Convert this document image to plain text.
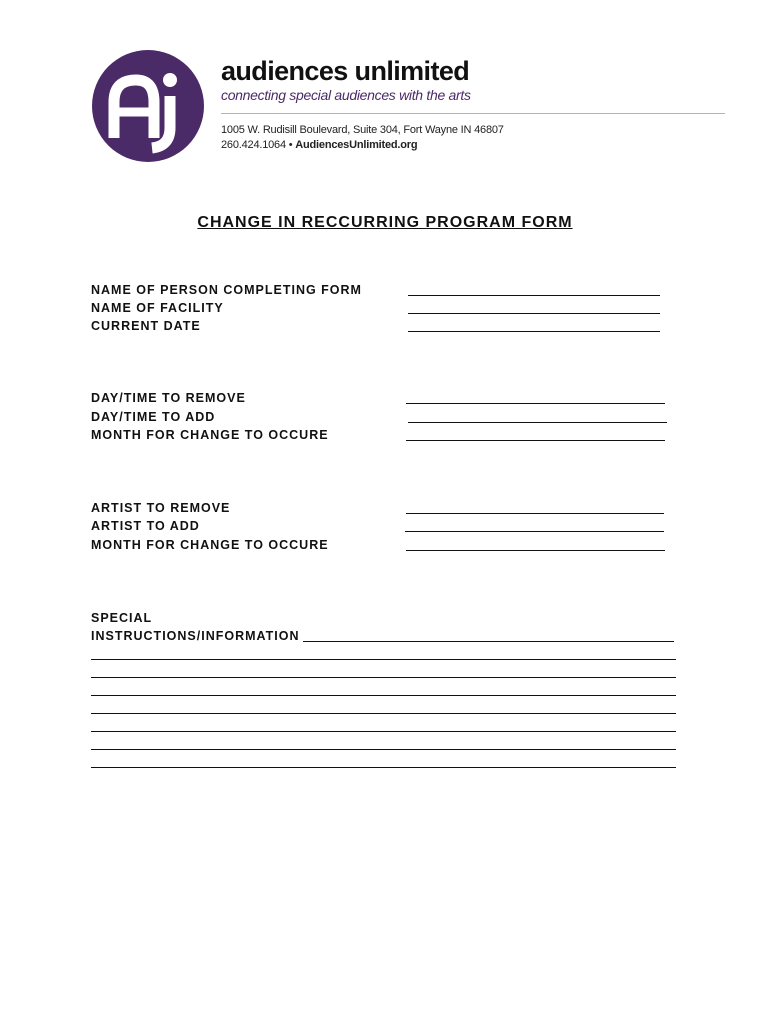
audiences unlimited
connecting special audiences with the arts
1005 W. Rudisill Boulevard, Suite 304, Fort Wayne IN 46807
260.424.1064 • AudiencesUnlimited.org
CHANGE IN RECCURRING PROGRAM FORM
NAME OF PERSON COMPLETING FORM
NAME OF FACILITY
CURRENT DATE
DAY/TIME TO REMOVE
DAY/TIME TO ADD
MONTH FOR CHANGE TO OCCURE
ARTIST TO REMOVE
ARTIST TO ADD
MONTH FOR CHANGE TO OCCURE
SPECIAL
INSTRUCTIONS/INFORMATION
